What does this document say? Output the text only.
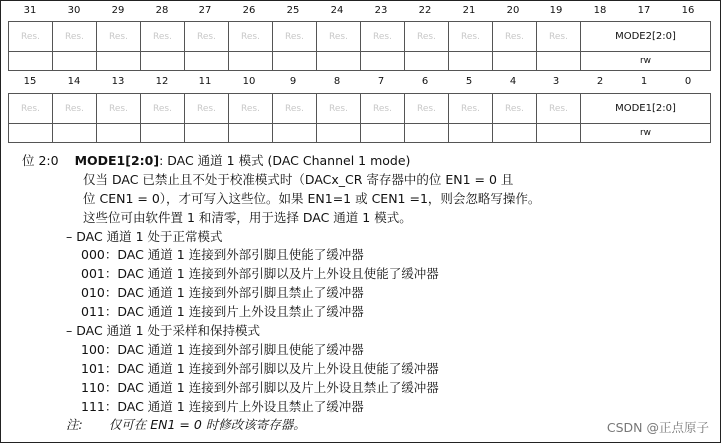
31	30	29	28	27	26	25	24	23	22	21	20	19	18	17	16
Res.	Res.	Res.	Res.	Res.	Res.	Res.	Res.	Res.	Res.	Res.	Res.	Res.	MODE2[2:0]
													rw
15	14	13	12	11	10	9	8	7	6	5	4	3	2	1	0
Res.	Res.	Res.	Res.	Res.	Res.	Res.	Res.	Res.	Res.	Res.	Res.	Res.	MODE1[2:0]
													rw
位 2:0 MODE1[2:0]: DAC 通道 1 模式 (DAC Channel 1 mode)
仅当 DAC 已禁止且不处于校准模式时（DACx_CR 寄存器中的位 EN1 = 0 且
位 CEN1 = 0），才可写入这些位。如果 EN1=1 或 CEN1 =1，则会忽略写操作。
这些位可由软件置 1 和清零，用于选择 DAC 通道 1 模式。
– DAC 通道 1 处于正常模式
000：DAC 通道 1 连接到外部引脚且使能了缓冲器
001：DAC 通道 1 连接到外部引脚以及片上外设且使能了缓冲器
010：DAC 通道 1 连接到外部引脚且禁止了缓冲器
011：DAC 通道 1 连接到片上外设且禁止了缓冲器
– DAC 通道 1 处于采样和保持模式
100：DAC 通道 1 连接到外部引脚且使能了缓冲器
101：DAC 通道 1 连接到外部引脚以及片上外设且使能了缓冲器
110：DAC 通道 1 连接到外部引脚以及片上外设且禁止了缓冲器
111：DAC 通道 1 连接到片上外设且禁止了缓冲器
注: 仅可在 EN1 = 0 时修改该寄存器。	CSDN @正点原子
